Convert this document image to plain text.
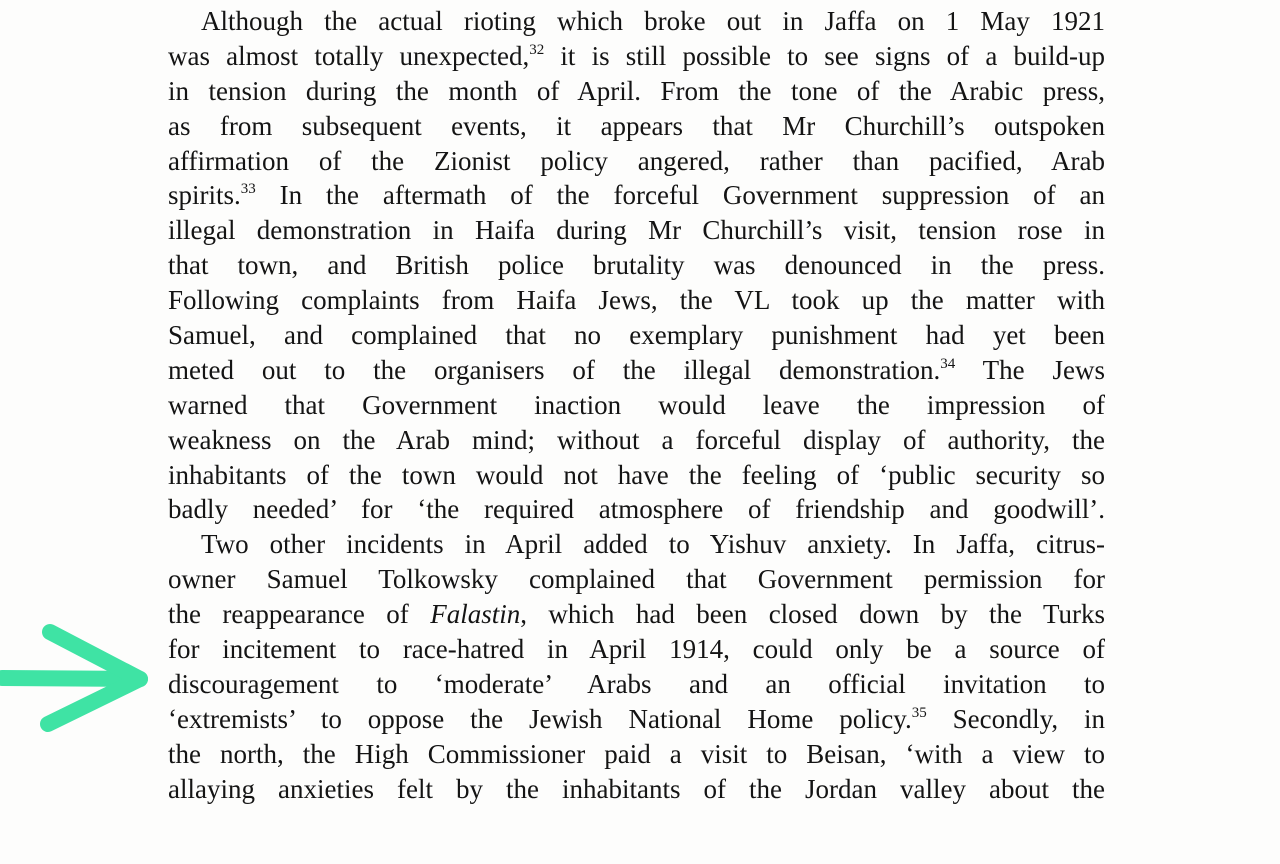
Although the actual rioting which broke out in Jaffa on 1 May 1921
was almost totally unexpected,$^{32}$ it is still possible to see signs of a build-up
in tension during the month of April. From the tone of the Arabic press,
as from subsequent events, it appears that Mr Churchill’s outspoken
affirmation of the Zionist policy angered, rather than pacified, Arab
spirits.$^{33}$ In the aftermath of the forceful Government suppression of an
illegal demonstration in Haifa during Mr Churchill’s visit, tension rose in
that town, and British police brutality was denounced in the press.
Following complaints from Haifa Jews, the VL took up the matter with
Samuel, and complained that no exemplary punishment had yet been
meted out to the organisers of the illegal demonstration.$^{34}$ The Jews
warned that Government inaction would leave the impression of
weakness on the Arab mind; without a forceful display of authority, the
inhabitants of the town would not have the feeling of ‘public security so
badly needed’ for ‘the required atmosphere of friendship and goodwill’.
Two other incidents in April added to Yishuv anxiety. In Jaffa, citrus-
owner Samuel Tolkowsky complained that Government permission for
the reappearance of Falastin, which had been closed down by the Turks
for incitement to race-hatred in April 1914, could only be a source of
discouragement to ‘moderate’ Arabs and an official invitation to
‘extremists’ to oppose the Jewish National Home policy.$^{35}$ Secondly, in
the north, the High Commissioner paid a visit to Beisan, ‘with a view to
allaying anxieties felt by the inhabitants of the Jordan valley about the
